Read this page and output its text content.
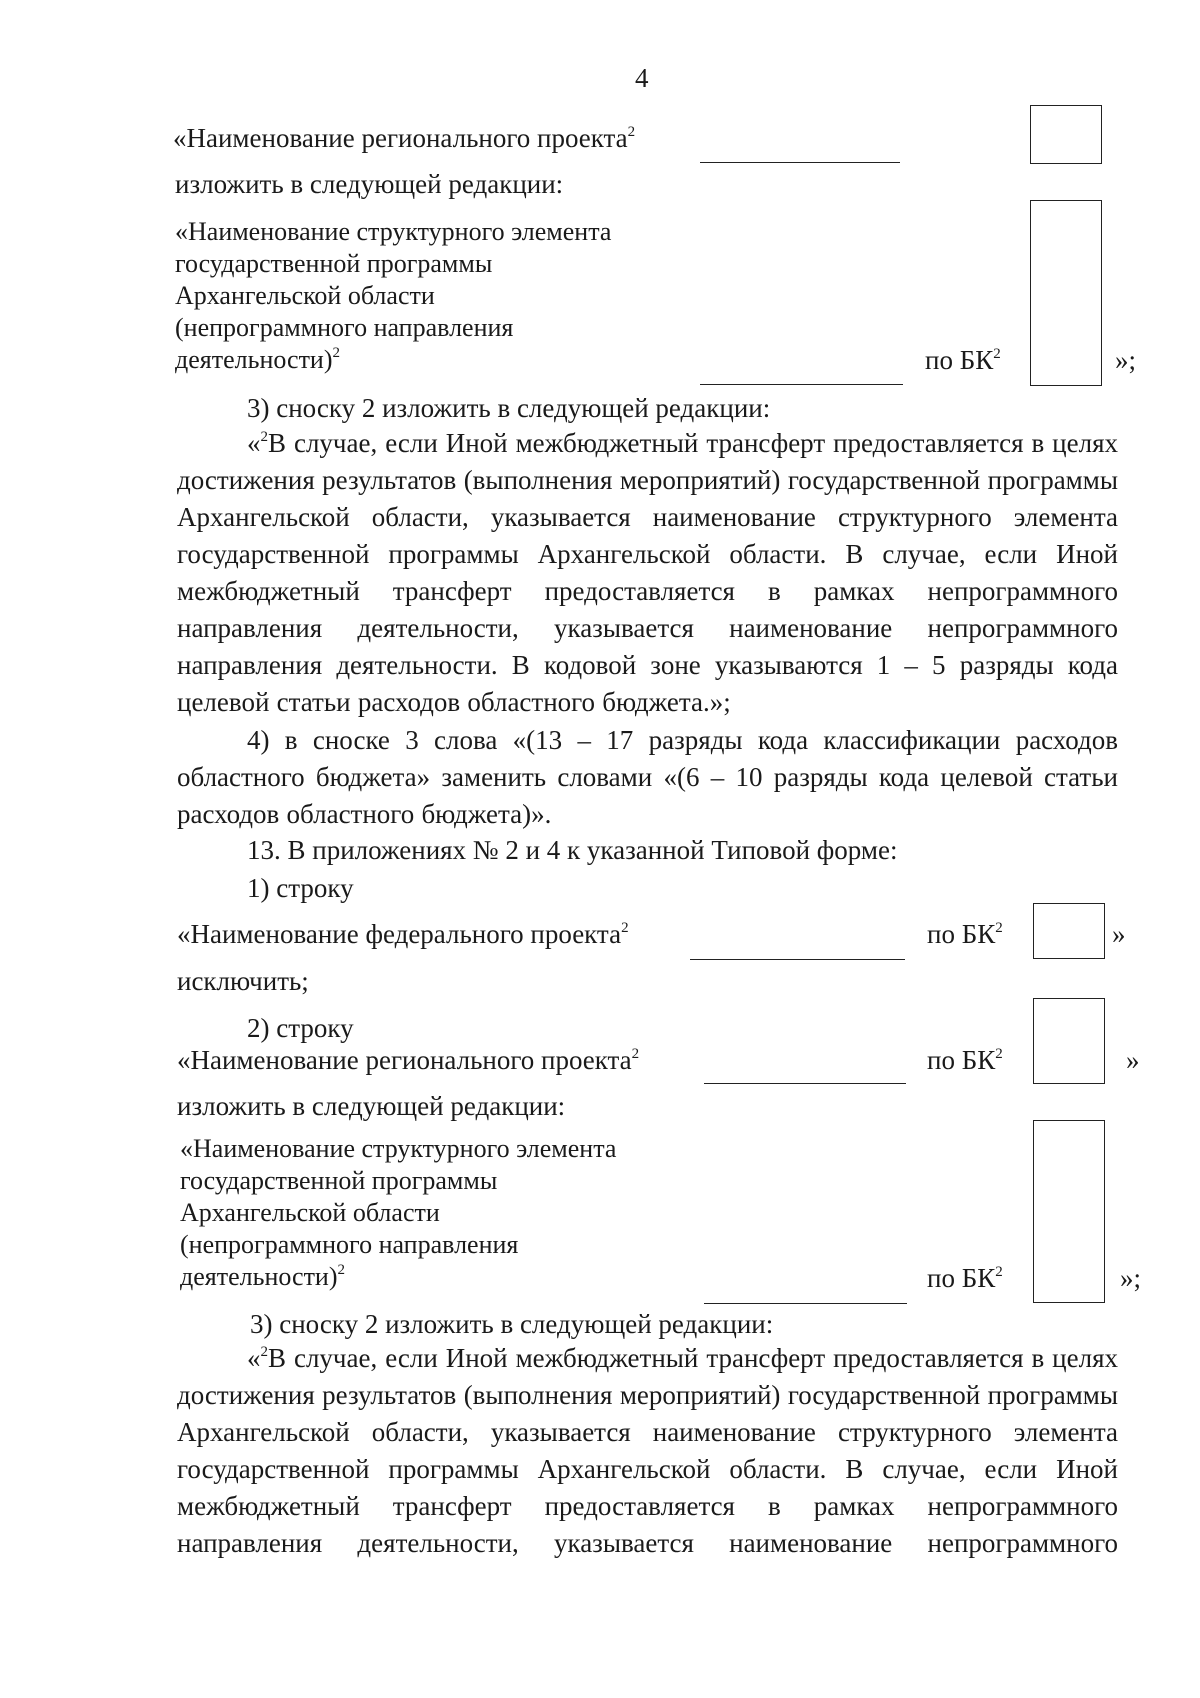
4
«Наименование регионального проекта$^2$
изложить в следующей редакции:
«Наименование структурного элемента
государственной программы
Архангельской области
(непрограммного направления
деятельности)$^2$	по $БК^2$	»;
3) сноску 2 изложить в следующей редакции:

«$^2$В случае, если Иной межбюджетный трансферт предоставляется в целях достижения результатов (выполнения мероприятий) государственной программы Архангельской области, указывается наименование структурного элемента государственной программы Архангельской области. В случае, если Иной межбюджетный трансферт предоставляется в рамках непрограммного направления деятельности, указывается наименование непрограммного направления деятельности. В кодовой зоне указываются 1 – 5 разряды кода целевой статьи расходов областного бюджета.»;

4) в сноске 3 слова «(13 – 17 разряды кода классификации расходов областного бюджета» заменить словами «(6 – 10 разряды кода целевой статьи расходов областного бюджета)».

13. В приложениях № 2 и 4 к указанной Типовой форме:
1) строку
«Наименование федерального проекта$^2$	по $БК^2$	»
исключить;
2) строку
«Наименование регионального проекта$^2$	по $БК^2$	»
изложить в следующей редакции:
«Наименование структурного элемента
государственной программы
Архангельской области
(непрограммного направления
деятельности)$^2$	по $БК^2$	»;
3) сноску 2 изложить в следующей редакции:

«$^2$В случае, если Иной межбюджетный трансферт предоставляется в целях достижения результатов (выполнения мероприятий) государственной программы Архангельской области, указывается наименование структурного элемента государственной программы Архангельской области. В случае, если Иной межбюджетный трансферт предоставляется в рамках непрограммного направления деятельности, указывается наименование непрограммного
